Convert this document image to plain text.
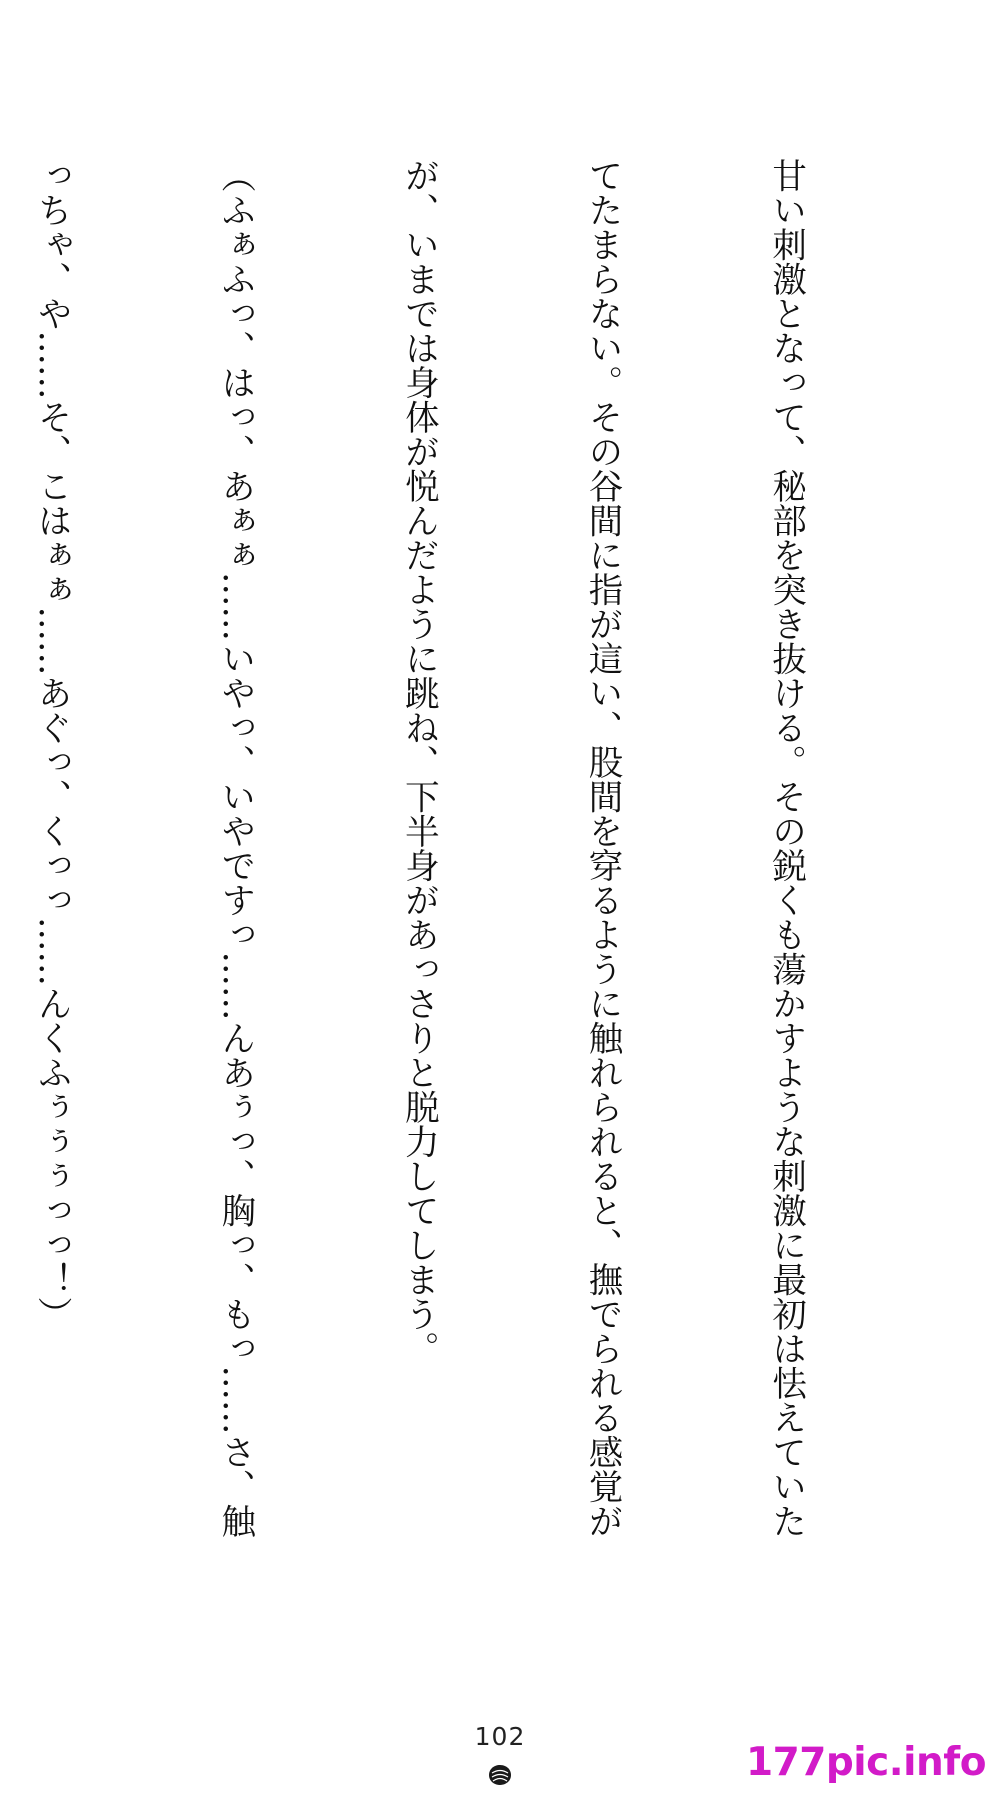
甘い刺激となって、秘部を突き抜ける。その鋭くも蕩かすような刺激に最初は怯えていた

てたまらない。その谷間に指が這い、股間を穿るように触れられると、撫でられる感覚が

が、いまでは身体が悦んだように跳ね、下半身があっさりと脱力してしまう。

（ふぁふっ、はっ、あぁぁ……いやっ、いやですっ……んあぅっ、胸っ、もっ……さ、触

っちゃ、や……そ、こはぁぁ……あぐっ、くっっ……んくふぅぅぅっっ！）

102
177pic.info
